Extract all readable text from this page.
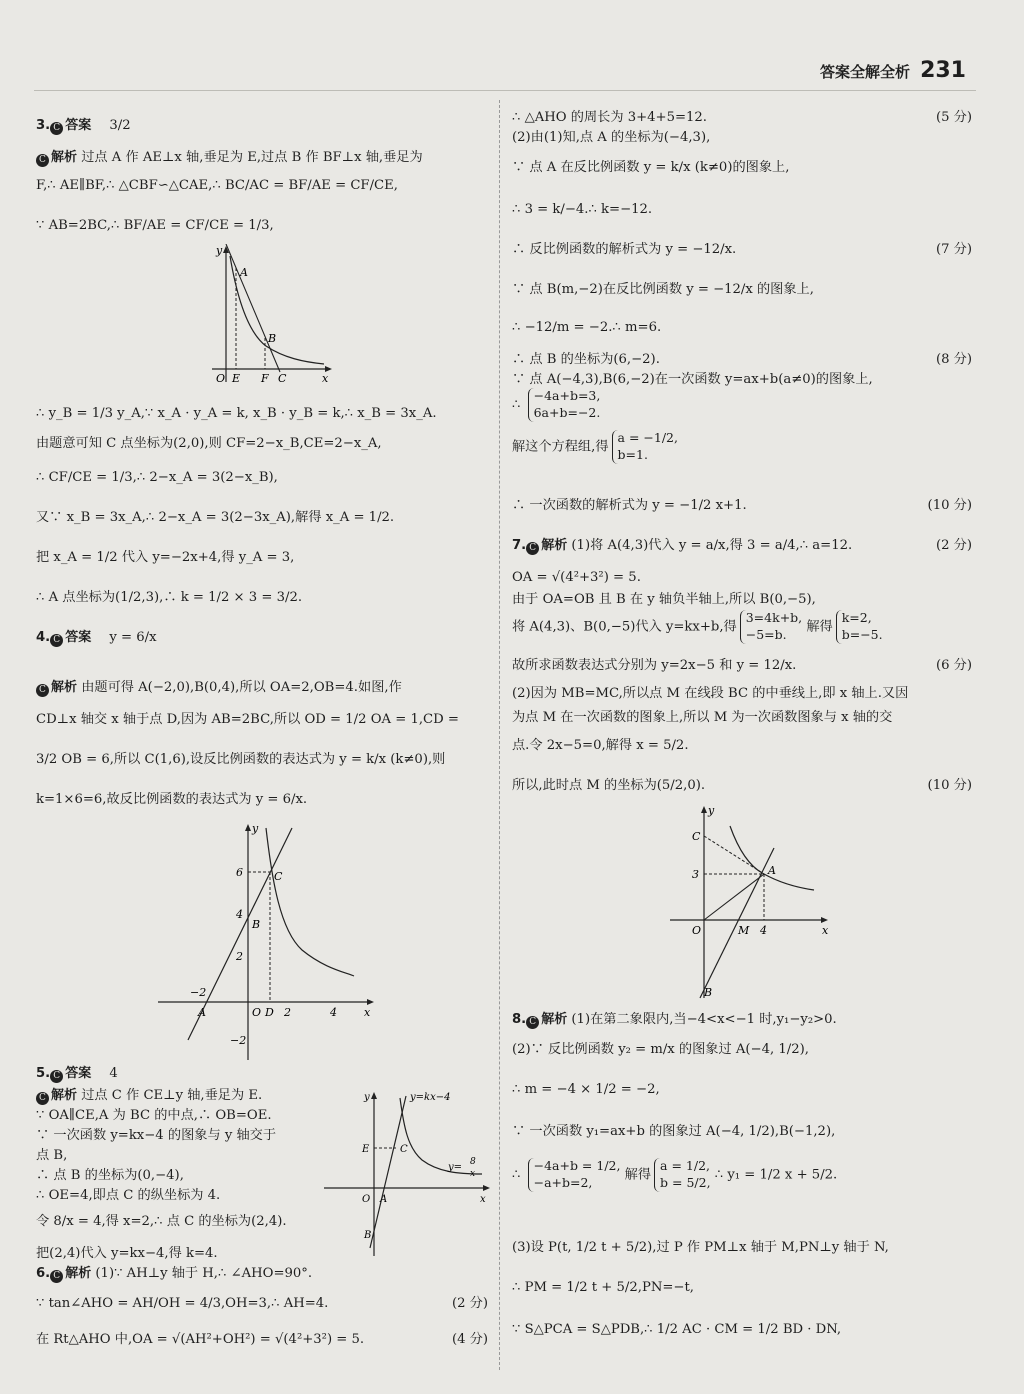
答案全解全析 231
3. C 答案 3/2
C 解析 过点 A 作 AE⊥x 轴,垂足为 E,过点 B 作 BF⊥x 轴,垂足为
F,∴ AE∥BF,∴ △CBF∽△CAE,∴ BC/AC = BF/AE = CF/CE,
∵ AB=2BC,∴ BF/AE = CF/CE = 1/3,
y
A
B
O E F C	x
∴ y_B = 1/3 y_A,∵ x_A · y_A = k, x_B · y_B = k,∴ x_B = 3x_A.
由题意可知 C 点坐标为(2,0),则 CF=2−x_B,CE=2−x_A,
∴ CF/CE = 1/3,∴ 2−x_A = 3(2−x_B),
又∵ x_B = 3x_A,∴ 2−x_A = 3(2−3x_A),解得 x_A = 1/2.
把 x_A = 1/2 代入 y=−2x+4,得 y_A = 3,
∴ A 点坐标为(1/2,3),∴ k = 1/2 × 3 = 3/2.
4. C 答案 y = 6/x
C 解析 由题可得 A(−2,0),B(0,4),所以 OA=2,OB=4.如图,作
CD⊥x 轴交 x 轴于点 D,因为 AB=2BC,所以 OD = 1/2 OA = 1,CD =
3/2 OB = 6,所以 C(1,6),设反比例函数的表达式为 y = k/x (k≠0),则
k=1×6=6,故反比例函数的表达式为 y = 6/x.
y
x
6
4
2
−2
−2
2	4
A	O D
C
B
5. C 答案 4
C 解析 过点 C 作 CE⊥y 轴,垂足为 E.
∵ OA∥CE,A 为 BC 的中点,∴ OB=OE.
∵ 一次函数 y=kx−4 的图象与 y 轴交于
点 B,
∴ 点 B 的坐标为(0,−4),
∴ OE=4,即点 C 的纵坐标为 4.
令 8/x = 4,得 x=2,∴ 点 C 的坐标为(2,4).
把(2,4)代入 y=kx−4,得 k=4.
y	y=kx−4
E	C
y= 8
x
O A	x
B
6. C 解析 (1)∵ AH⊥y 轴于 H,∴ ∠AHO=90°.
∵ tan∠AHO = AH/OH = 4/3,OH=3,∴ AH=4.	(2 分)
在 Rt△AHO 中,OA = √(AH²+OH²) = √(4²+3²) = 5.	(4 分)
∴ △AHO 的周长为 3+4+5=12.	(5 分)
(2)由(1)知,点 A 的坐标为(−4,3),
∵ 点 A 在反比例函数 y = k/x (k≠0)的图象上,
∴ 3 = k/−4.∴ k=−12.
∴ 反比例函数的解析式为 y = −12/x.	(7 分)
∵ 点 B(m,−2)在反比例函数 y = −12/x 的图象上,
∴ −12/m = −2.∴ m=6.
∴ 点 B 的坐标为(6,−2).	(8 分)
∵ 点 A(−4,3),B(6,−2)在一次函数 y=ax+b(a≠0)的图象上,
∴ −4a+b=3,
6a+b=−2.
解这个方程组,得a = −1/2,
b=1.
∴ 一次函数的解析式为 y = −1/2 x+1.	(10 分)
7. C 解析 (1)将 A(4,3)代入 y = a/x,得 3 = a/4,∴ a=12.	(2 分)
OA = √(4²+3²) = 5.
由于 OA=OB 且 B 在 y 轴负半轴上,所以 B(0,−5),
将 A(4,3)、B(0,−5)代入 y=kx+b,得3=4k+b,
−5=b. 解得k=2,
b=−5.
故所求函数表达式分别为 y=2x−5 和 y = 12/x.	(6 分)
(2)因为 MB=MC,所以点 M 在线段 BC 的中垂线上,即 x 轴上.又因
为点 M 在一次函数的图象上,所以 M 为一次函数图象与 x 轴的交
点.令 2x−5=0,解得 x = 5/2.
所以,此时点 M 的坐标为(5/2,0).	(10 分)
y
C
A
3
O	M 4	x
B
8. C 解析 (1)在第二象限内,当−4<x<−1 时,y₁−y₂>0.
(2)∵ 反比例函数 y₂ = m/x 的图象过 A(−4, 1/2),
∴ m = −4 × 1/2 = −2,
∵ 一次函数 y₁=ax+b 的图象过 A(−4, 1/2),B(−1,2),
∴ −4a+b = 1/2,
−a+b=2, 解得a = 1/2,
b = 5/2, ∴ y₁ = 1/2 x + 5/2.
(3)设 P(t, 1/2 t + 5/2),过 P 作 PM⊥x 轴于 M,PN⊥y 轴于 N,
∴ PM = 1/2 t + 5/2,PN=−t,
∵ S△PCA = S△PDB,∴ 1/2 AC · CM = 1/2 BD · DN,
